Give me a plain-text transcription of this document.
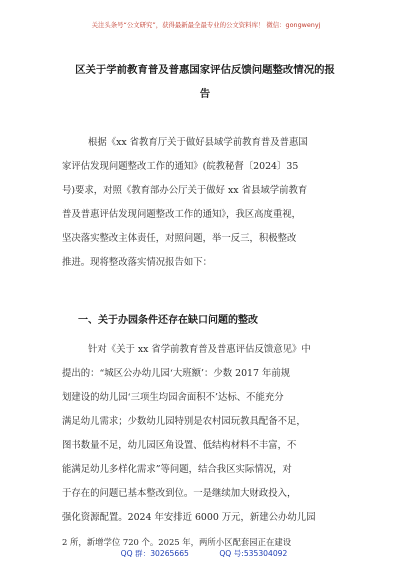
关注头条号“公文研究”，获得最新最全最专业的公文资料库！ 微信：gongwenyj
区关于学前教育普及普惠国家评估反馈问题整改情况的报
告
根据《xx 省教育厅关于做好县域学前教育普及普惠国
家评估发现问题整改工作的通知》(皖教秘督〔2024〕35
号)要求，对照《教育部办公厅关于做好 xx 省县域学前教育
普及普惠评估发现问题整改工作的通知》，我区高度重视，
坚决落实整改主体责任，对照问题，举一反三，积极整改
推进。现将整改落实情况报告如下：
一、关于办园条件还存在缺口问题的整改
针对《关于 xx 省学前教育普及普惠评估反馈意见》中
提出的：“城区公办幼儿园‘大班额’：少数 2017 年前规
划建设的幼儿园‘三项生均园舍面积不’达标、不能充分
满足幼儿需求；少数幼儿园特别是农村园玩教具配备不足，
图书数量不足，幼儿园区角设置、低结构材料不丰富，不
能满足幼儿多样化需求”等问题，结合我区实际情况，对
于存在的问题已基本整改到位。一是继续加大财政投入，
强化资源配置。2024 年安排近 6000 万元，新建公办幼儿园
2 所，新增学位 720 个。2025 年，两所小区配套园正在建设
QQ 群：30265665	QQ 号:535304092
